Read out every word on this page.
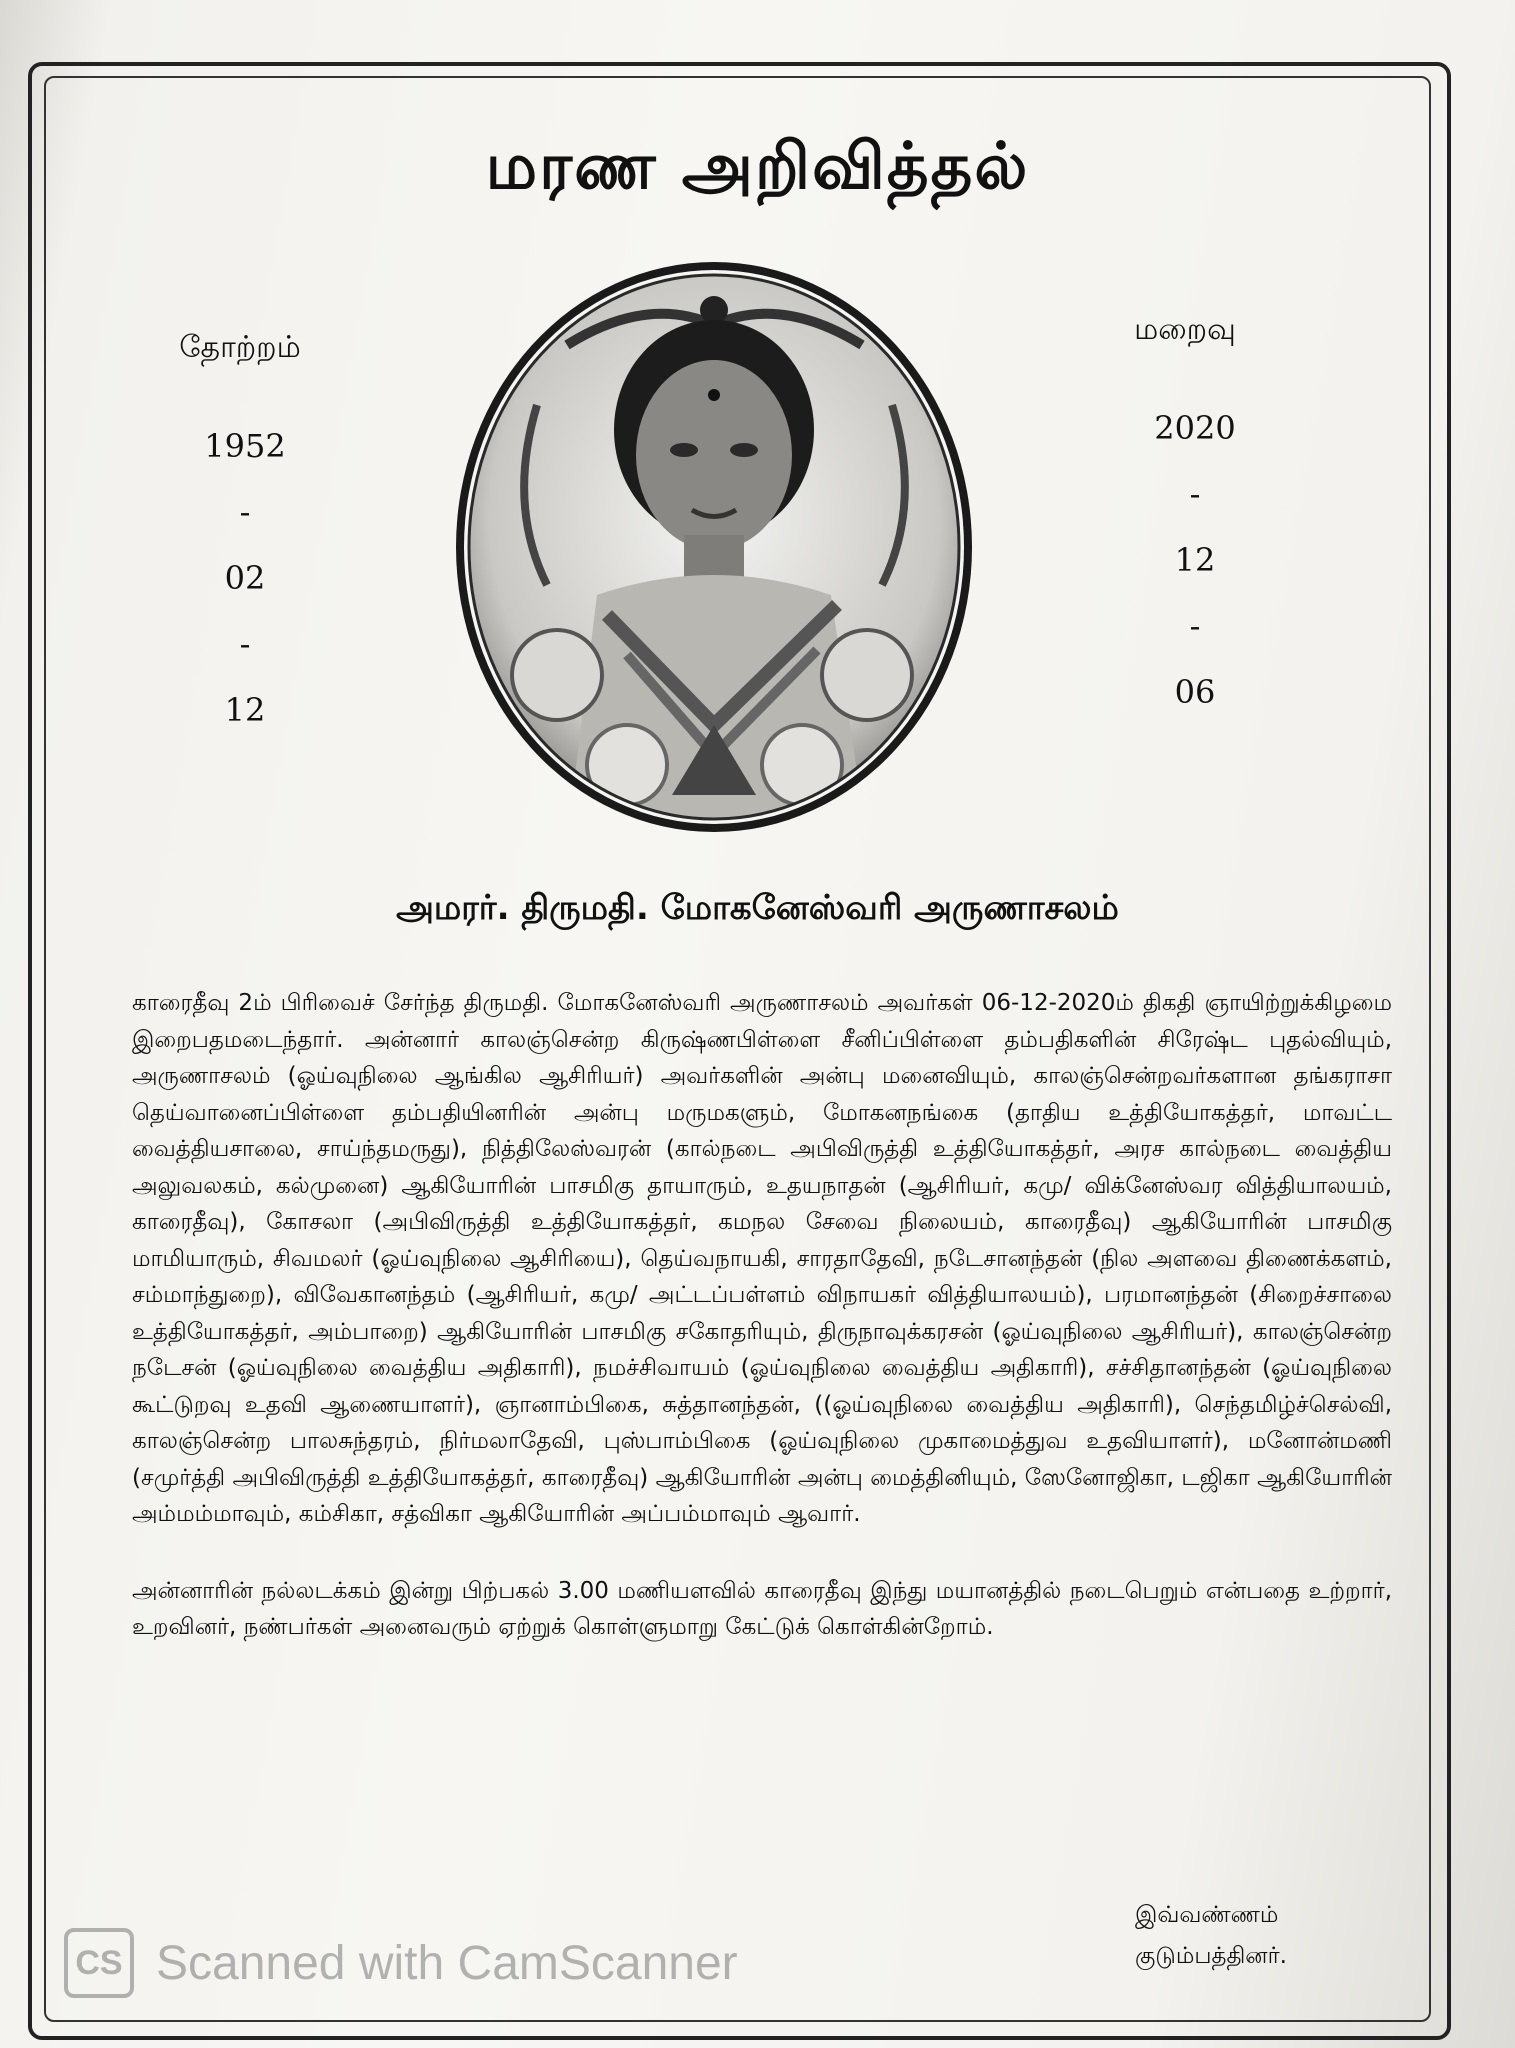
மரண அறிவித்தல்
தோற்றம்
1952
-
02
-
12
மறைவு
2020
-
12
-
06
அமரர். திருமதி. மோகனேஸ்வரி அருணாசலம்

காரைதீவு 2ம் பிரிவைச் சேர்ந்த திருமதி. மோகனேஸ்வரி அருணாசலம் அவர்கள் 06-12-2020ம் திகதி ஞாயிற்றுக்கிழமை இறைபதமடைந்தார். அன்னார் காலஞ்சென்ற கிருஷ்ணபிள்ளை சீனிப்பிள்ளை தம்பதிகளின் சிரேஷ்ட புதல்வியும், அருணாசலம் (ஓய்வுநிலை ஆங்கில ஆசிரியர்) அவர்களின் அன்பு மனைவியும், காலஞ்சென்றவர்களான தங்கராசா தெய்வானைப்பிள்ளை தம்பதியினரின் அன்பு மருமகளும், மோகனநங்கை (தாதிய உத்தியோகத்தர், மாவட்ட வைத்தியசாலை, சாய்ந்தமருது), நித்திலேஸ்வரன் (கால்நடை அபிவிருத்தி உத்தியோகத்தர், அரச கால்நடை வைத்திய அலுவலகம், கல்முனை) ஆகியோரின் பாசமிகு தாயாரும், உதயநாதன் (ஆசிரியர், கமு/ விக்னேஸ்வர வித்தியாலயம், காரைதீவு), கோசலா (அபிவிருத்தி உத்தியோகத்தர், கமநல சேவை நிலையம், காரைதீவு) ஆகியோரின் பாசமிகு மாமியாரும், சிவமலர் (ஓய்வுநிலை ஆசிரியை), தெய்வநாயகி, சாரதாதேவி, நடேசானந்தன் (நில அளவை திணைக்களம், சம்மாந்துறை), விவேகானந்தம் (ஆசிரியர், கமு/ அட்டப்பள்ளம் விநாயகர் வித்தியாலயம்), பரமானந்தன் (சிறைச்சாலை உத்தியோகத்தர், அம்பாறை) ஆகியோரின் பாசமிகு சகோதரியும், திருநாவுக்கரசன் (ஓய்வுநிலை ஆசிரியர்), காலஞ்சென்ற நடேசன் (ஓய்வுநிலை வைத்திய அதிகாரி), நமச்சிவாயம் (ஓய்வுநிலை வைத்திய அதிகாரி), சச்சிதானந்தன் (ஓய்வுநிலை கூட்டுறவு உதவி ஆணையாளர்), ஞானாம்பிகை, சுத்தானந்தன், ((ஓய்வுநிலை வைத்திய அதிகாரி), செந்தமிழ்ச்செல்வி, காலஞ்சென்ற பாலசுந்தரம், நிர்மலாதேவி, புஸ்பாம்பிகை (ஓய்வுநிலை முகாமைத்துவ உதவியாளர்), மனோன்மணி (சமுர்த்தி அபிவிருத்தி உத்தியோகத்தர், காரைதீவு) ஆகியோரின் அன்பு மைத்தினியும், ஸேனோஜிகா, டஜிகா ஆகியோரின் அம்மம்மாவும், கம்சிகா, சத்விகா ஆகியோரின் அப்பம்மாவும் ஆவார்.

அன்னாரின் நல்லடக்கம் இன்று பிற்பகல் 3.00 மணியளவில் காரைதீவு இந்து மயானத்தில் நடைபெறும் என்பதை உற்றார், உறவினர், நண்பர்கள் அனைவரும் ஏற்றுக் கொள்ளுமாறு கேட்டுக் கொள்கின்றோம்.

இவ்வண்ணம்
குடும்பத்தினர்.
CS Scanned with CamScanner
